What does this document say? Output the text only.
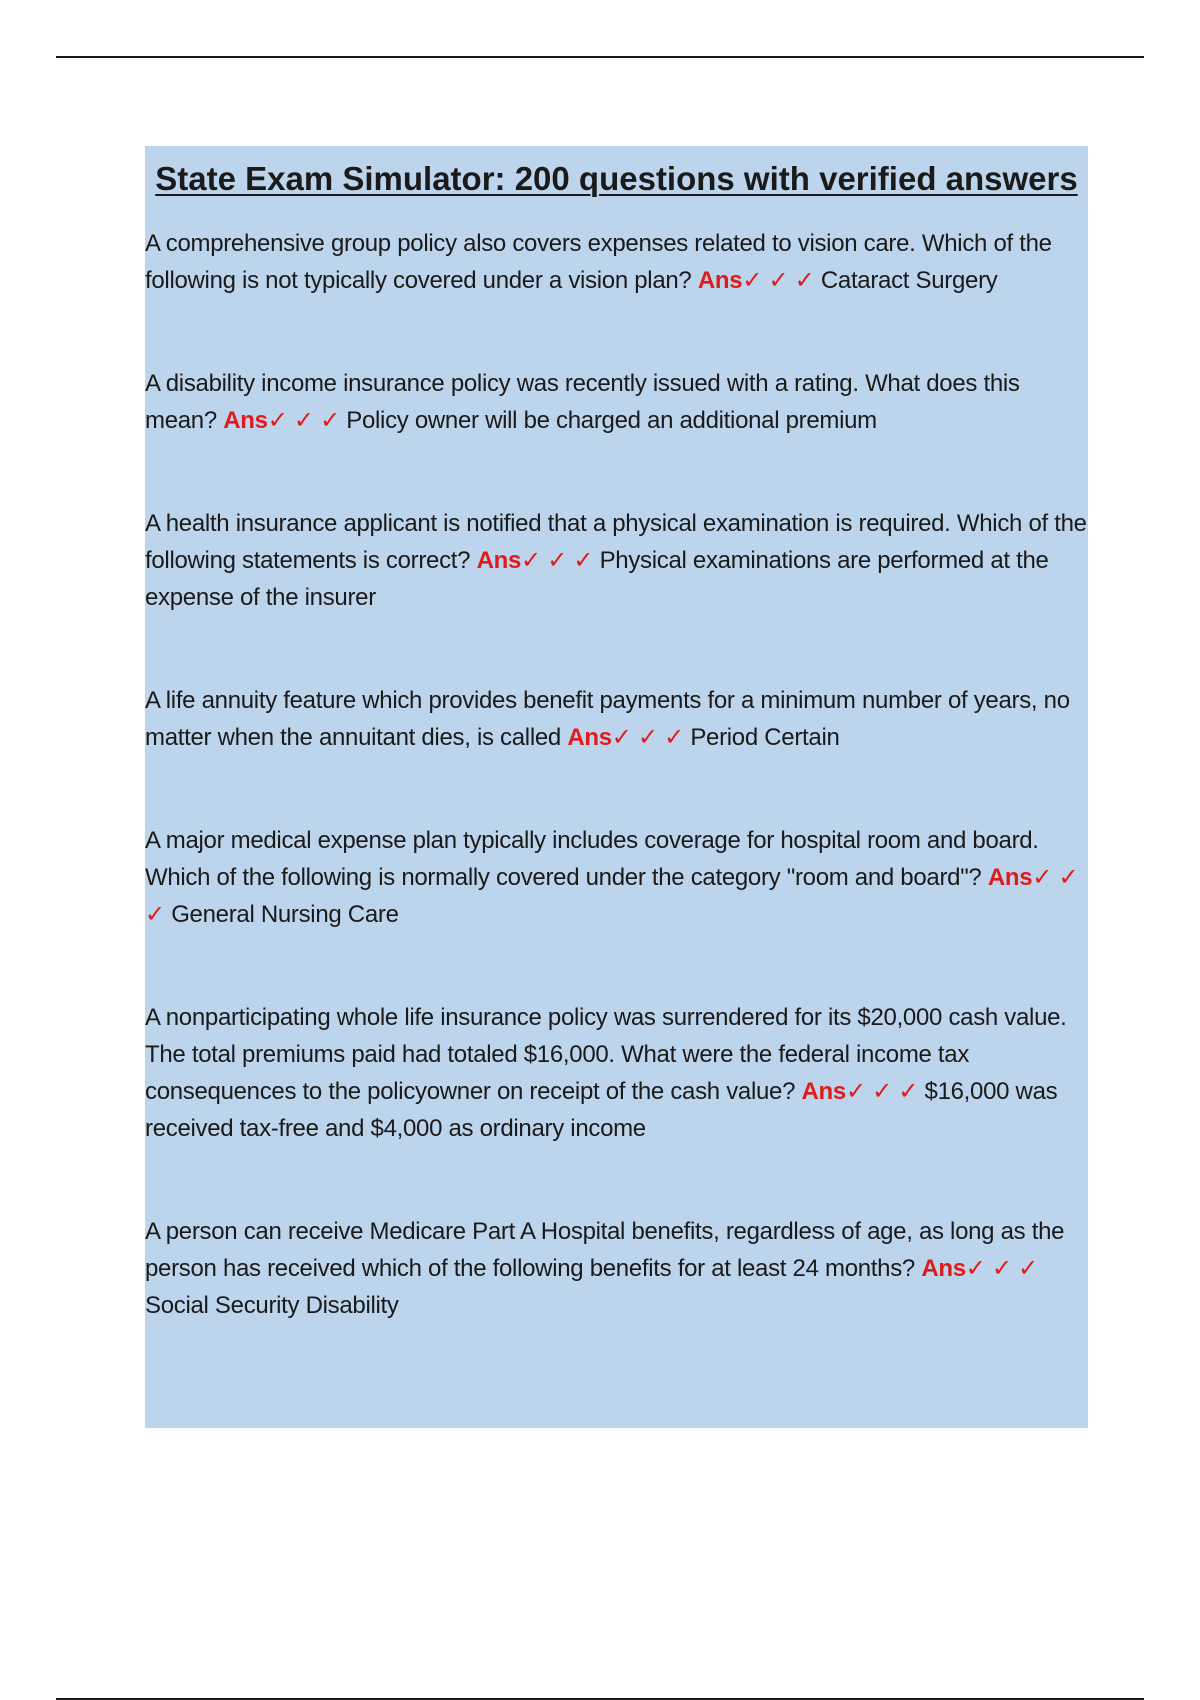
State Exam Simulator: 200 questions with verified answers

A comprehensive group policy also covers expenses related to vision care. Which of the following is not typically covered under a vision plan? Ans✓ ✓ ✓ Cataract Surgery

A disability income insurance policy was recently issued with a rating. What does this mean? Ans✓ ✓ ✓ Policy owner will be charged an additional premium

A health insurance applicant is notified that a physical examination is required. Which of the following statements is correct? Ans✓ ✓ ✓ Physical examinations are performed at the expense of the insurer

A life annuity feature which provides benefit payments for a minimum number of years, no matter when the annuitant dies, is called Ans✓ ✓ ✓ Period Certain

A major medical expense plan typically includes coverage for hospital room and board. Which of the following is normally covered under the category "room and board"? Ans✓ ✓ ✓ General Nursing Care

A nonparticipating whole life insurance policy was surrendered for its $20,000 cash value. The total premiums paid had totaled $16,000. What were the federal income tax consequences to the policyowner on receipt of the cash value? Ans✓ ✓ ✓ $16,000 was received tax-free and $4,000 as ordinary income

A person can receive Medicare Part A Hospital benefits, regardless of age, as long as the person has received which of the following benefits for at least 24 months? Ans✓ ✓ ✓ Social Security Disability
